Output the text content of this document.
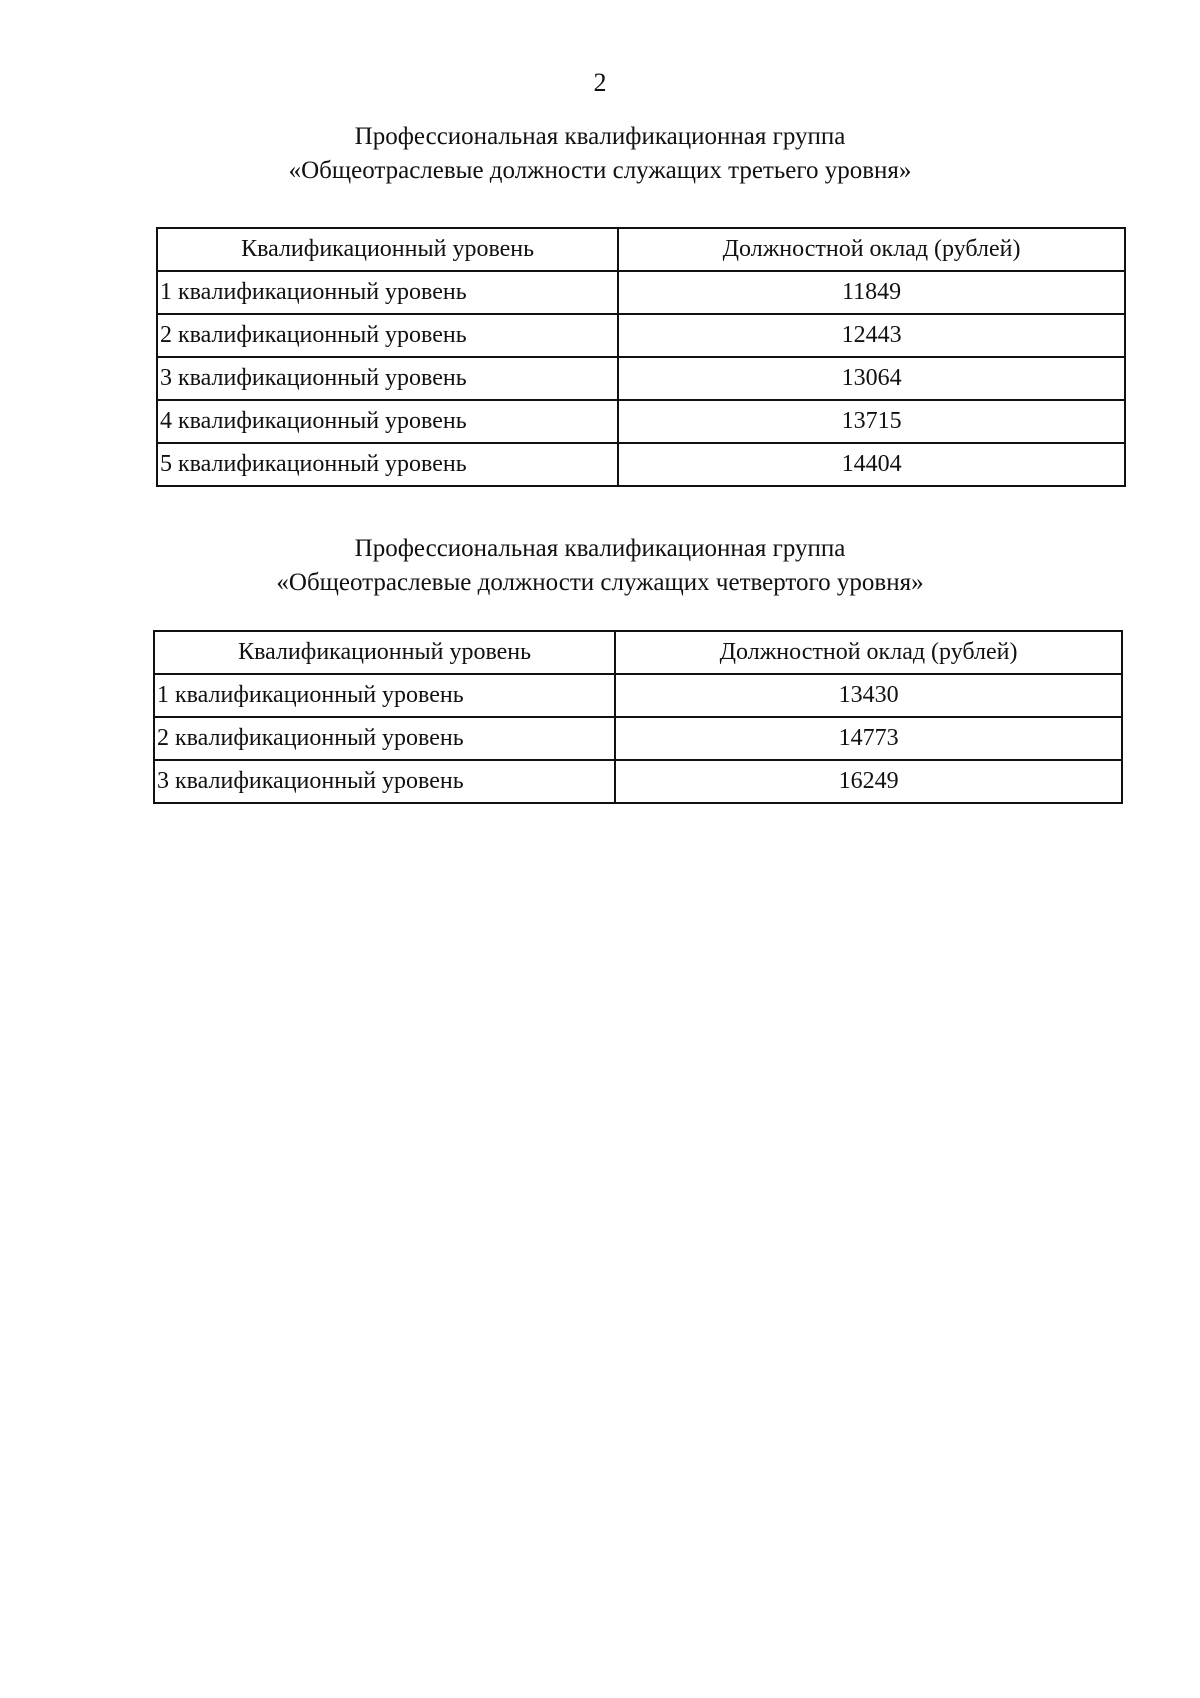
2
Профессиональная квалификационная группа
«Общеотраслевые должности служащих третьего уровня»
Квалификационный уровень	Должностной оклад (рублей)
1 квалификационный уровень	11849
2 квалификационный уровень	12443
3 квалификационный уровень	13064
4 квалификационный уровень	13715
5 квалификационный уровень	14404
Профессиональная квалификационная группа
«Общеотраслевые должности служащих четвертого уровня»
Квалификационный уровень	Должностной оклад (рублей)
1 квалификационный уровень	13430
2 квалификационный уровень	14773
3 квалификационный уровень	16249
